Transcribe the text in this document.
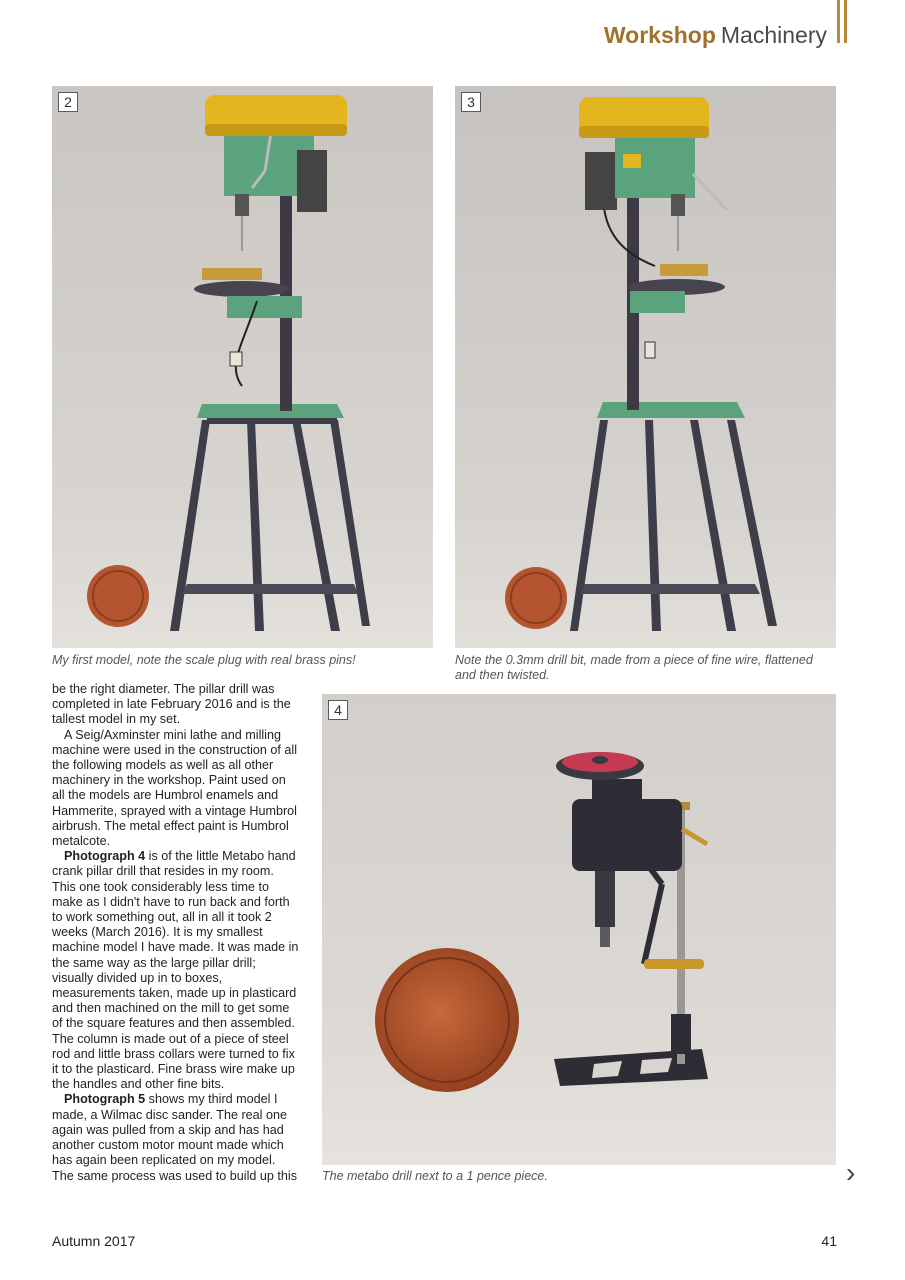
Workshop Machinery
2
My first model, note the scale plug with real brass pins!
3
Note the 0.3mm drill bit, made from a piece of fine wire, flattened and then twisted.

be the right diameter. The pillar drill was completed in late February 2016 and is the tallest model in my set.

A Seig/Axminster mini lathe and milling machine were used in the construction of all the following models as well as all other machinery in the workshop. Paint used on all the models are Humbrol enamels and Hammerite, sprayed with a vintage Humbrol airbrush. The metal effect paint is Humbrol metalcote.

Photograph 4 is of the little Metabo hand crank pillar drill that resides in my room. This one took considerably less time to make as I didn't have to run back and forth to work something out, all in all it took 2 weeks (March 2016). It is my smallest machine model I have made. It was made in the same way as the large pillar drill; visually divided up in to boxes, measurements taken, made up in plasticard and then machined on the mill to get some of the square features and then assembled. The column is made out of a piece of steel rod and little brass collars were turned to fix it to the plasticard. Fine brass wire make up the handles and other fine bits.

Photograph 5 shows my third model I made, a Wilmac disc sander. The real one again was pulled from a skip and has had another custom motor mount made which has again been replicated on my model. The same process was used to build up this

4
The metabo drill next to a 1 pence piece.	›
Autumn 2017	41
